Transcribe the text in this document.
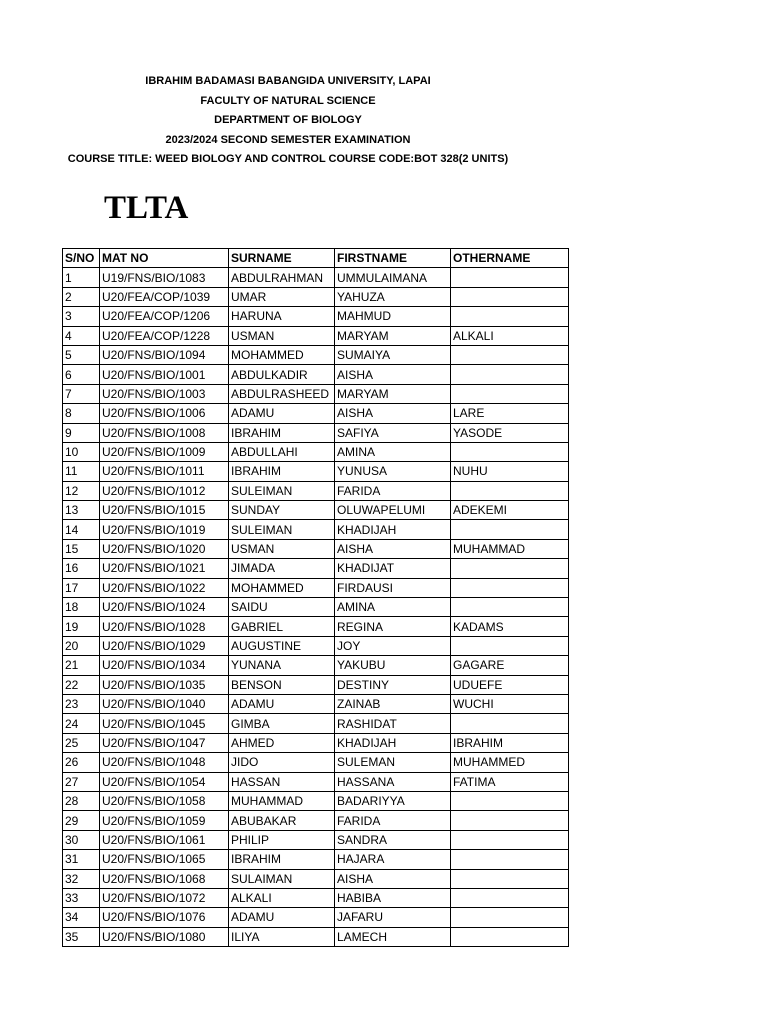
IBRAHIM BADAMASI BABANGIDA UNIVERSITY, LAPAI
FACULTY OF NATURAL SCIENCE
DEPARTMENT OF BIOLOGY
2023/2024 SECOND SEMESTER EXAMINATION
COURSE TITLE: WEED BIOLOGY AND CONTROL COURSE CODE:BOT 328(2 UNITS)
TLTA
S/NO	MAT NO	SURNAME	FIRSTNAME	OTHERNAME
1	U19/FNS/BIO/1083	ABDULRAHMAN	UMMULAIMANA	
2	U20/FEA/COP/1039	UMAR	YAHUZA	
3	U20/FEA/COP/1206	HARUNA	MAHMUD	
4	U20/FEA/COP/1228	USMAN	MARYAM	ALKALI
5	U20/FNS/BIO/1094	MOHAMMED	SUMAIYA	
6	U20/FNS/BIO/1001	ABDULKADIR	AISHA	
7	U20/FNS/BIO/1003	ABDULRASHEED	MARYAM	
8	U20/FNS/BIO/1006	ADAMU	AISHA	LARE
9	U20/FNS/BIO/1008	IBRAHIM	SAFIYA	YASODE
10	U20/FNS/BIO/1009	ABDULLAHI	AMINA	
11	U20/FNS/BIO/1011	IBRAHIM	YUNUSA	NUHU
12	U20/FNS/BIO/1012	SULEIMAN	FARIDA	
13	U20/FNS/BIO/1015	SUNDAY	OLUWAPELUMI	ADEKEMI
14	U20/FNS/BIO/1019	SULEIMAN	KHADIJAH	
15	U20/FNS/BIO/1020	USMAN	AISHA	MUHAMMAD
16	U20/FNS/BIO/1021	JIMADA	KHADIJAT	
17	U20/FNS/BIO/1022	MOHAMMED	FIRDAUSI	
18	U20/FNS/BIO/1024	SAIDU	AMINA	
19	U20/FNS/BIO/1028	GABRIEL	REGINA	KADAMS
20	U20/FNS/BIO/1029	AUGUSTINE	JOY	
21	U20/FNS/BIO/1034	YUNANA	YAKUBU	GAGARE
22	U20/FNS/BIO/1035	BENSON	DESTINY	UDUEFE
23	U20/FNS/BIO/1040	ADAMU	ZAINAB	WUCHI
24	U20/FNS/BIO/1045	GIMBA	RASHIDAT	
25	U20/FNS/BIO/1047	AHMED	KHADIJAH	IBRAHIM
26	U20/FNS/BIO/1048	JIDO	SULEMAN	MUHAMMED
27	U20/FNS/BIO/1054	HASSAN	HASSANA	FATIMA
28	U20/FNS/BIO/1058	MUHAMMAD	BADARIYYA	
29	U20/FNS/BIO/1059	ABUBAKAR	FARIDA	
30	U20/FNS/BIO/1061	PHILIP	SANDRA	
31	U20/FNS/BIO/1065	IBRAHIM	HAJARA	
32	U20/FNS/BIO/1068	SULAIMAN	AISHA	
33	U20/FNS/BIO/1072	ALKALI	HABIBA	
34	U20/FNS/BIO/1076	ADAMU	JAFARU	
35	U20/FNS/BIO/1080	ILIYA	LAMECH	
